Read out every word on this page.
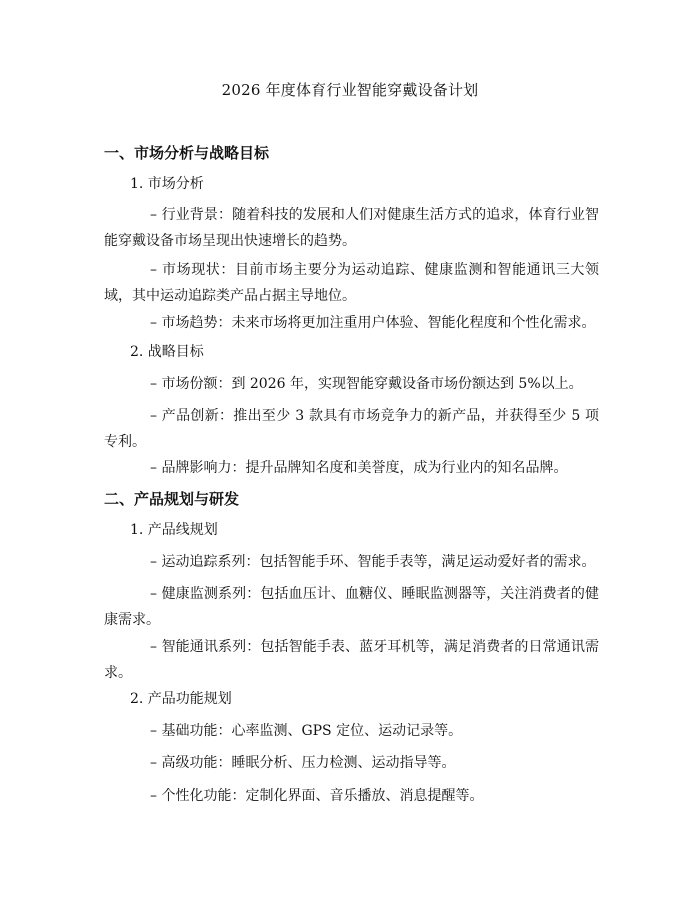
2026 年度体育行业智能穿戴设备计划
一、市场分析与战略目标
1. 市场分析
– 行业背景：随着科技的发展和人们对健康生活方式的追求，体育行业智能穿戴设备市场呈现出快速增长的趋势。
– 市场现状：目前市场主要分为运动追踪、健康监测和智能通讯三大领域，其中运动追踪类产品占据主导地位。
– 市场趋势：未来市场将更加注重用户体验、智能化程度和个性化需求。
2. 战略目标
– 市场份额：到 2026 年，实现智能穿戴设备市场份额达到 5%以上。
– 产品创新：推出至少 3 款具有市场竞争力的新产品，并获得至少 5 项专利。
– 品牌影响力：提升品牌知名度和美誉度，成为行业内的知名品牌。
二、产品规划与研发
1. 产品线规划
– 运动追踪系列：包括智能手环、智能手表等，满足运动爱好者的需求。
– 健康监测系列：包括血压计、血糖仪、睡眠监测器等，关注消费者的健康需求。
– 智能通讯系列：包括智能手表、蓝牙耳机等，满足消费者的日常通讯需求。
2. 产品功能规划
– 基础功能：心率监测、GPS 定位、运动记录等。
– 高级功能：睡眠分析、压力检测、运动指导等。
– 个性化功能：定制化界面、音乐播放、消息提醒等。
